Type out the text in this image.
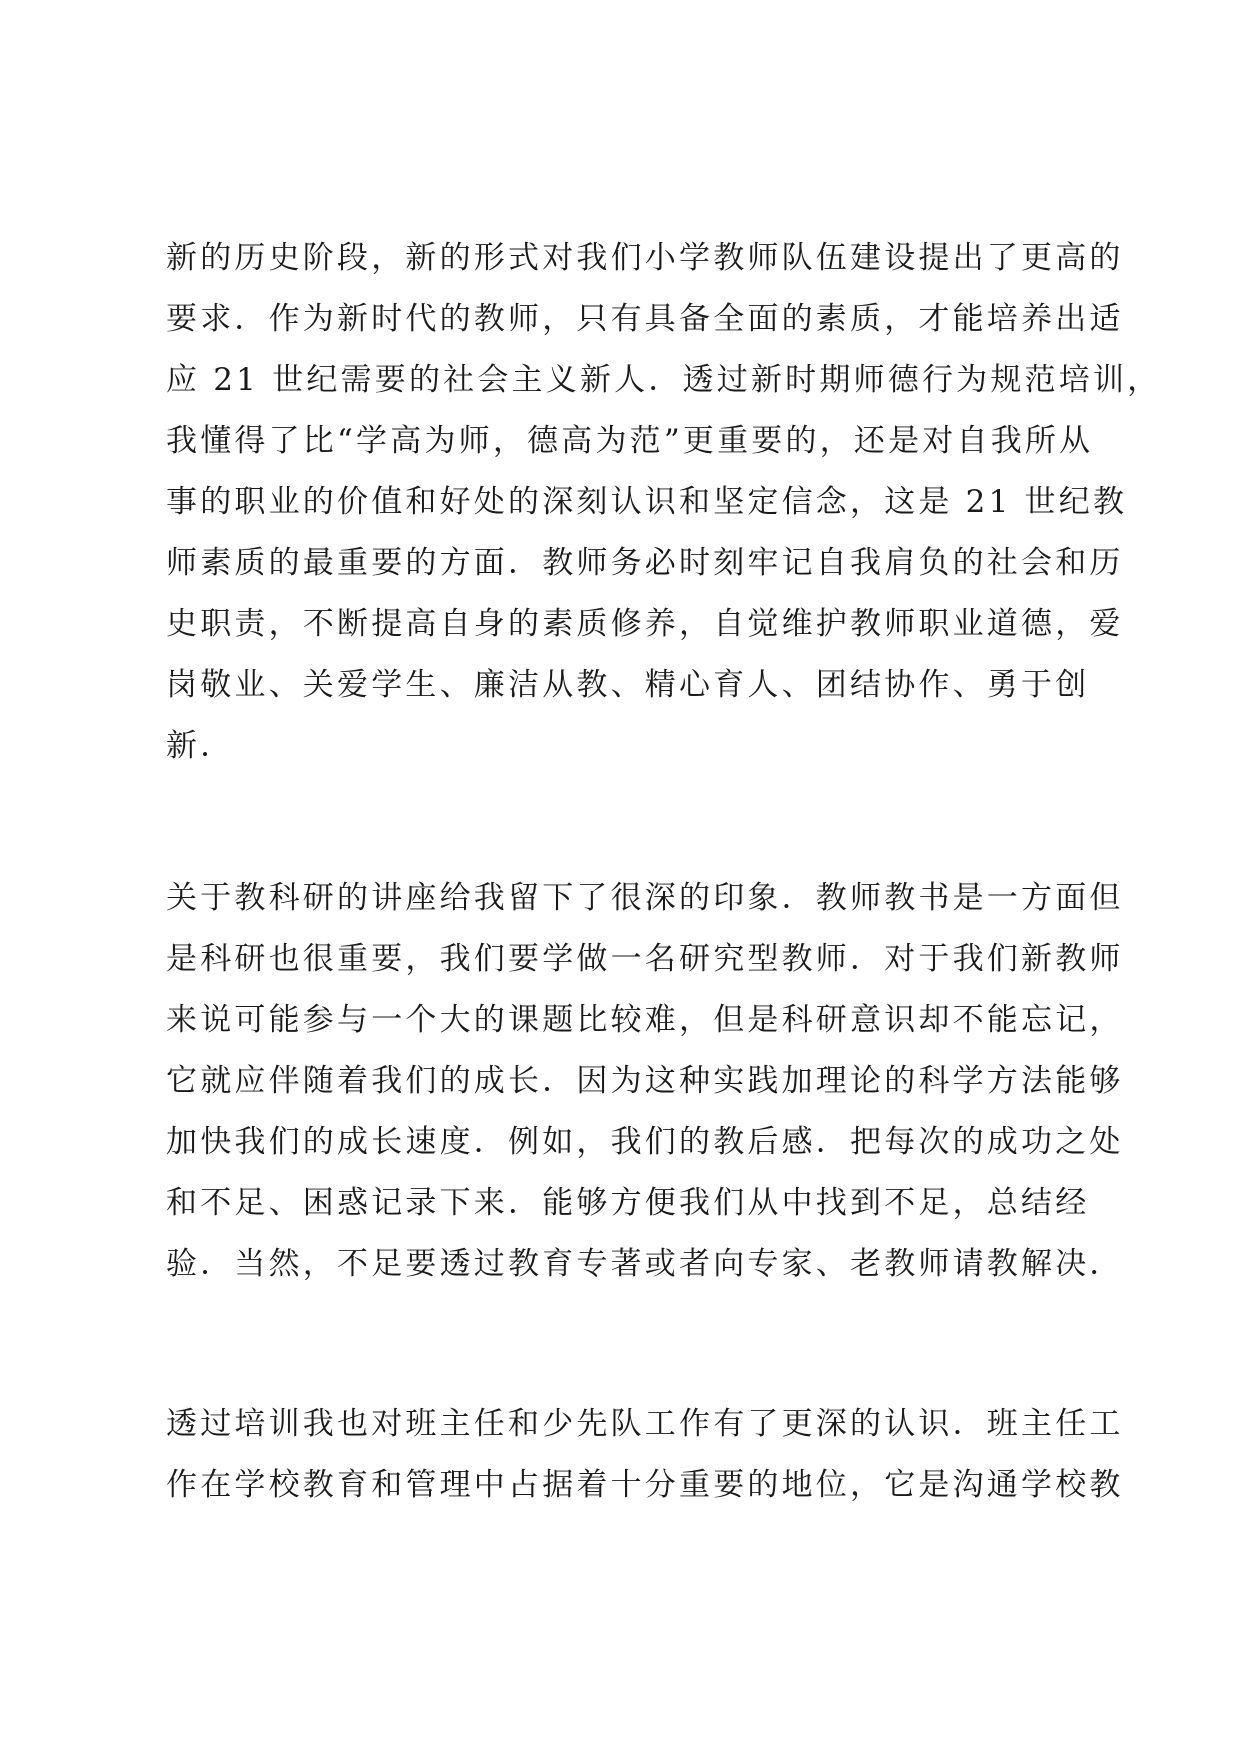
新的历史阶段，新的形式对我们小学教师队伍建设提出了更高的
要求．作为新时代的教师，只有具备全面的素质，才能培养出适
应 21 世纪需要的社会主义新人．透过新时期师德行为规范培训，
我懂得了比“学高为师，德高为范”更重要的，还是对自我所从
事的职业的价值和好处的深刻认识和坚定信念，这是 21 世纪教
师素质的最重要的方面．教师务必时刻牢记自我肩负的社会和历
史职责，不断提高自身的素质修养，自觉维护教师职业道德，爱
岗敬业、关爱学生、廉洁从教、精心育人、团结协作、勇于创
新．
关于教科研的讲座给我留下了很深的印象．教师教书是一方面但
是科研也很重要，我们要学做一名研究型教师．对于我们新教师
来说可能参与一个大的课题比较难，但是科研意识却不能忘记，
它就应伴随着我们的成长．因为这种实践加理论的科学方法能够
加快我们的成长速度．例如，我们的教后感．把每次的成功之处
和不足、困惑记录下来．能够方便我们从中找到不足，总结经
验．当然，不足要透过教育专著或者向专家、老教师请教解决．
透过培训我也对班主任和少先队工作有了更深的认识．班主任工
作在学校教育和管理中占据着十分重要的地位，它是沟通学校教
